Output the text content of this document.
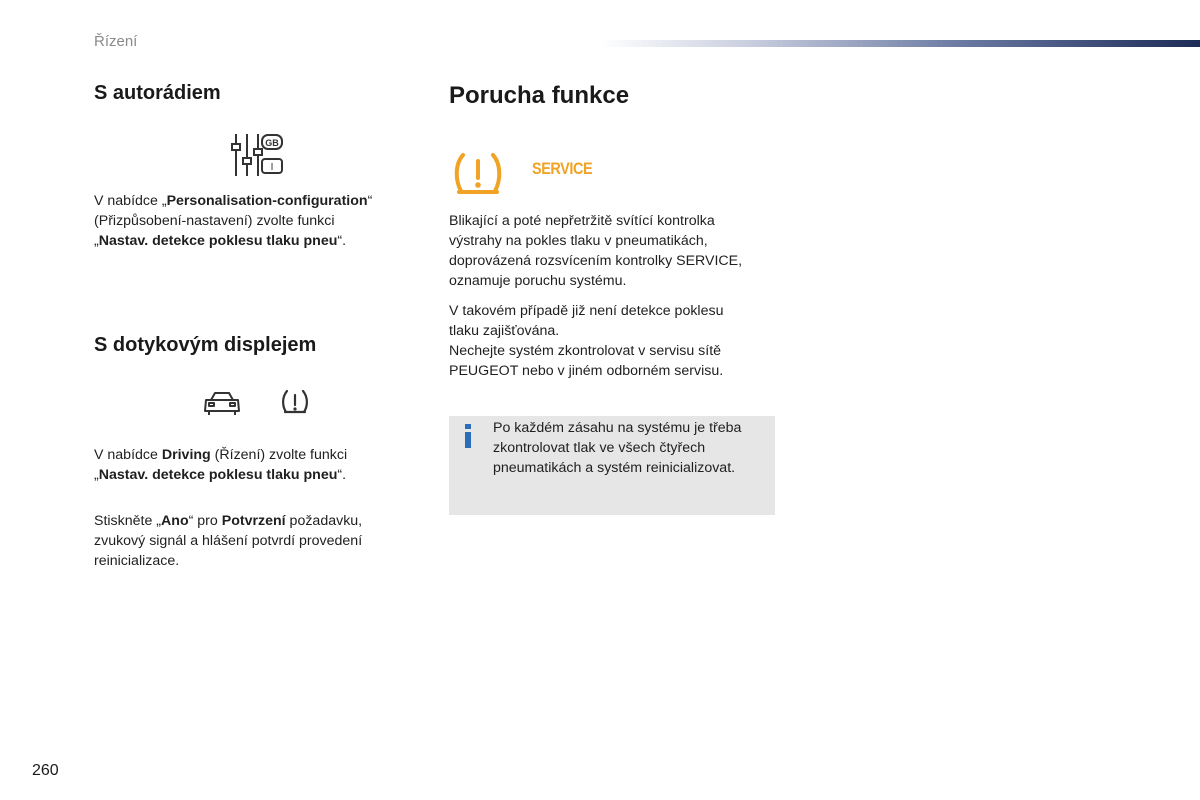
Řízení
S autorádiem
GB
I

V nabídce „Personalisation-configuration“
(Přizpůsobení-nastavení) zvolte funkci
„Nastav. detekce poklesu tlaku pneu“.

S dotykovým displejem

V nabídce Driving (Řízení) zvolte funkci
„Nastav. detekce poklesu tlaku pneu“.

Stiskněte „Ano“ pro Potvrzení požadavku,
zvukový signál a hlášení potvrdí provedení
reinicializace.

Porucha funkce
SERVICE

Blikající a poté nepřetržitě svítící kontrolka
výstrahy na pokles tlaku v pneumatikách,
doprovázená rozsvícením kontrolky SERVICE,
oznamuje poruchu systému.

V takovém případě již není detekce poklesu
tlaku zajišťována.
Nechejte systém zkontrolovat v servisu sítě
PEUGEOT nebo v jiném odborném servisu.

Po každém zásahu na systému je třeba
zkontrolovat tlak ve všech čtyřech
pneumatikách a systém reinicializovat.
260
